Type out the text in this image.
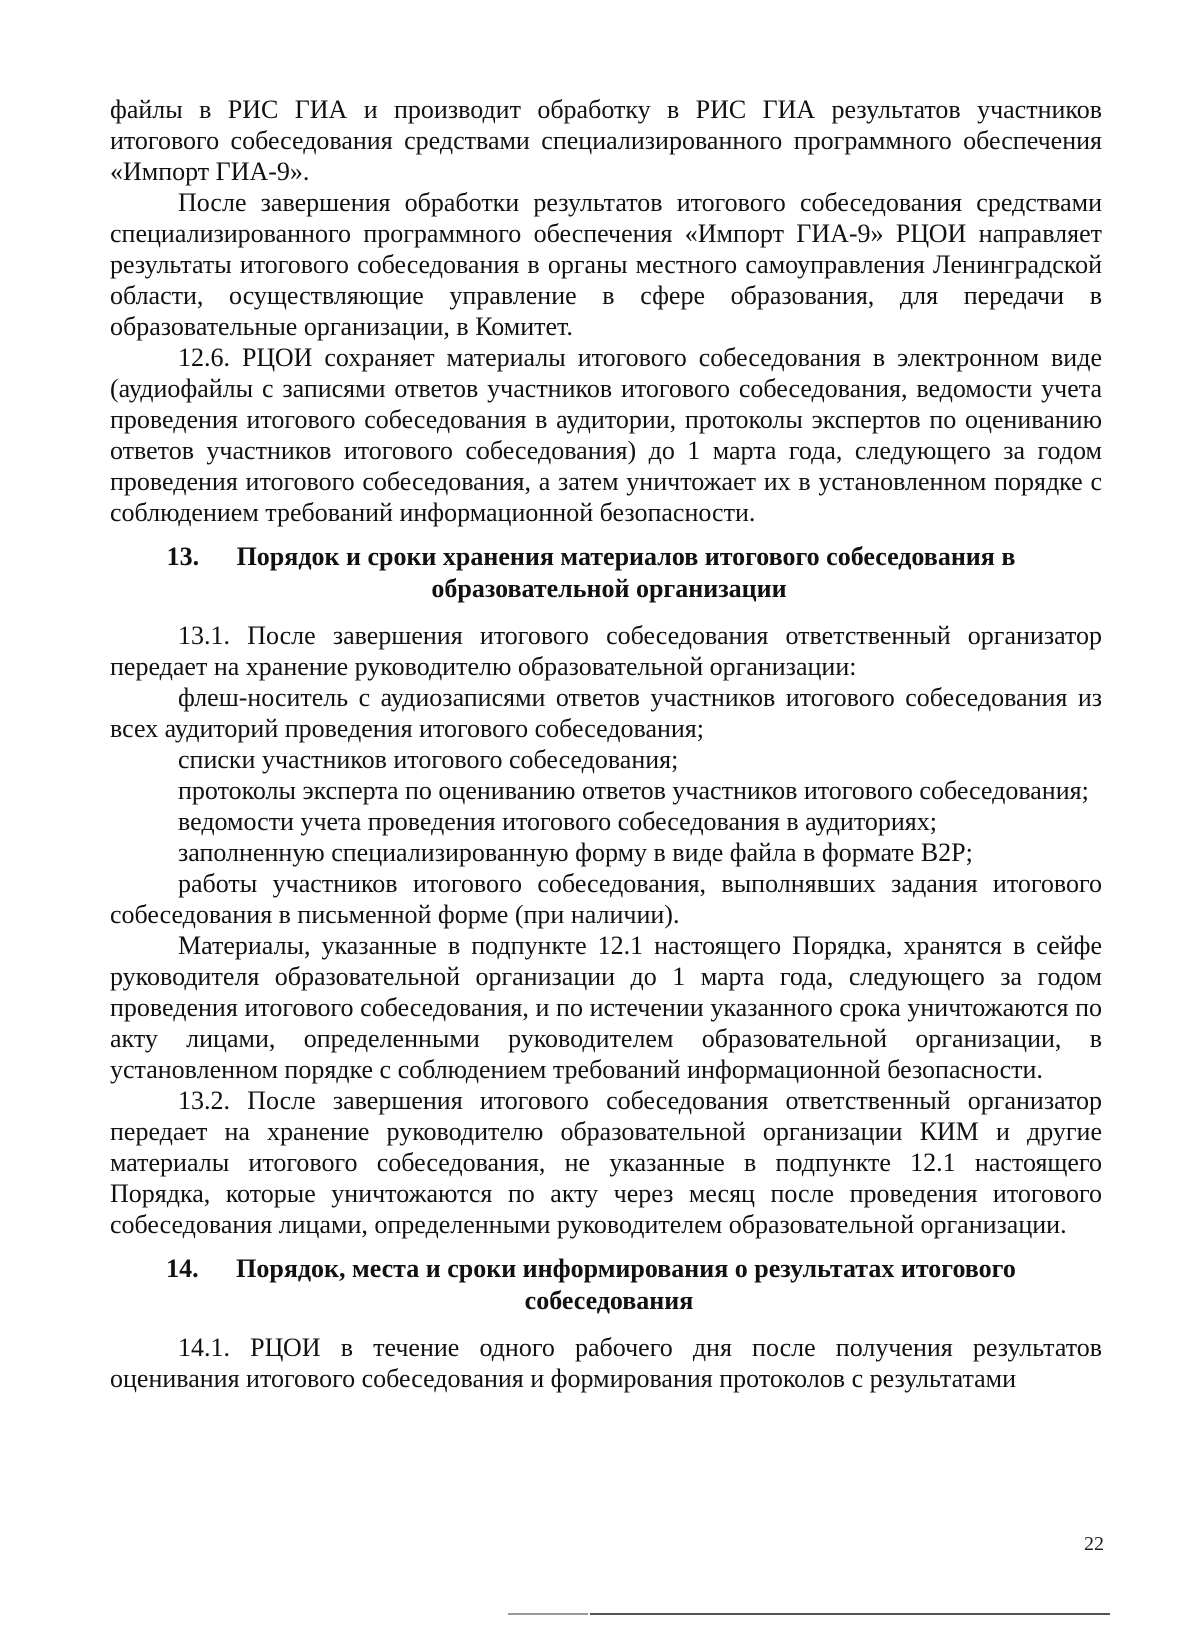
файлы в РИС ГИА и производит обработку в РИС ГИА результатов участников итогового собеседования средствами специализированного программного обеспечения «Импорт ГИА-9».

После завершения обработки результатов итогового собеседования средствами специализированного программного обеспечения «Импорт ГИА-9» РЦОИ направляет результаты итогового собеседования в органы местного самоуправления Ленинградской области, осуществляющие управление в сфере образования, для передачи в образовательные организации, в Комитет.

12.6. РЦОИ сохраняет материалы итогового собеседования в электронном виде (аудиофайлы с записями ответов участников итогового собеседования, ведомости учета проведения итогового собеседования в аудитории, протоколы экспертов по оцениванию ответов участников итогового собеседования) до 1 марта года, следующего за годом проведения итогового собеседования, а затем уничтожает их в установленном порядке с соблюдением требований информационной безопасности.

13. Порядок и сроки хранения материалов итогового собеседования в образовательной организации

13.1. После завершения итогового собеседования ответственный организатор передает на хранение руководителю образовательной организации:

флеш-носитель с аудиозаписями ответов участников итогового собеседования из всех аудиторий проведения итогового собеседования;

списки участников итогового собеседования;

протоколы эксперта по оцениванию ответов участников итогового собеседования;

ведомости учета проведения итогового собеседования в аудиториях;

заполненную специализированную форму в виде файла в формате B2P;

работы участников итогового собеседования, выполнявших задания итогового собеседования в письменной форме (при наличии).

Материалы, указанные в подпункте 12.1 настоящего Порядка, хранятся в сейфе руководителя образовательной организации до 1 марта года, следующего за годом проведения итогового собеседования, и по истечении указанного срока уничтожаются по акту лицами, определенными руководителем образовательной организации, в установленном порядке с соблюдением требований информационной безопасности.

13.2. После завершения итогового собеседования ответственный организатор передает на хранение руководителю образовательной организации КИМ и другие материалы итогового собеседования, не указанные в подпункте 12.1 настоящего Порядка, которые уничтожаются по акту через месяц после проведения итогового собеседования лицами, определенными руководителем образовательной организации.

14. Порядок, места и сроки информирования о результатах итогового собеседования

14.1. РЦОИ в течение одного рабочего дня после получения результатов оценивания итогового собеседования и формирования протоколов с результатами

22
